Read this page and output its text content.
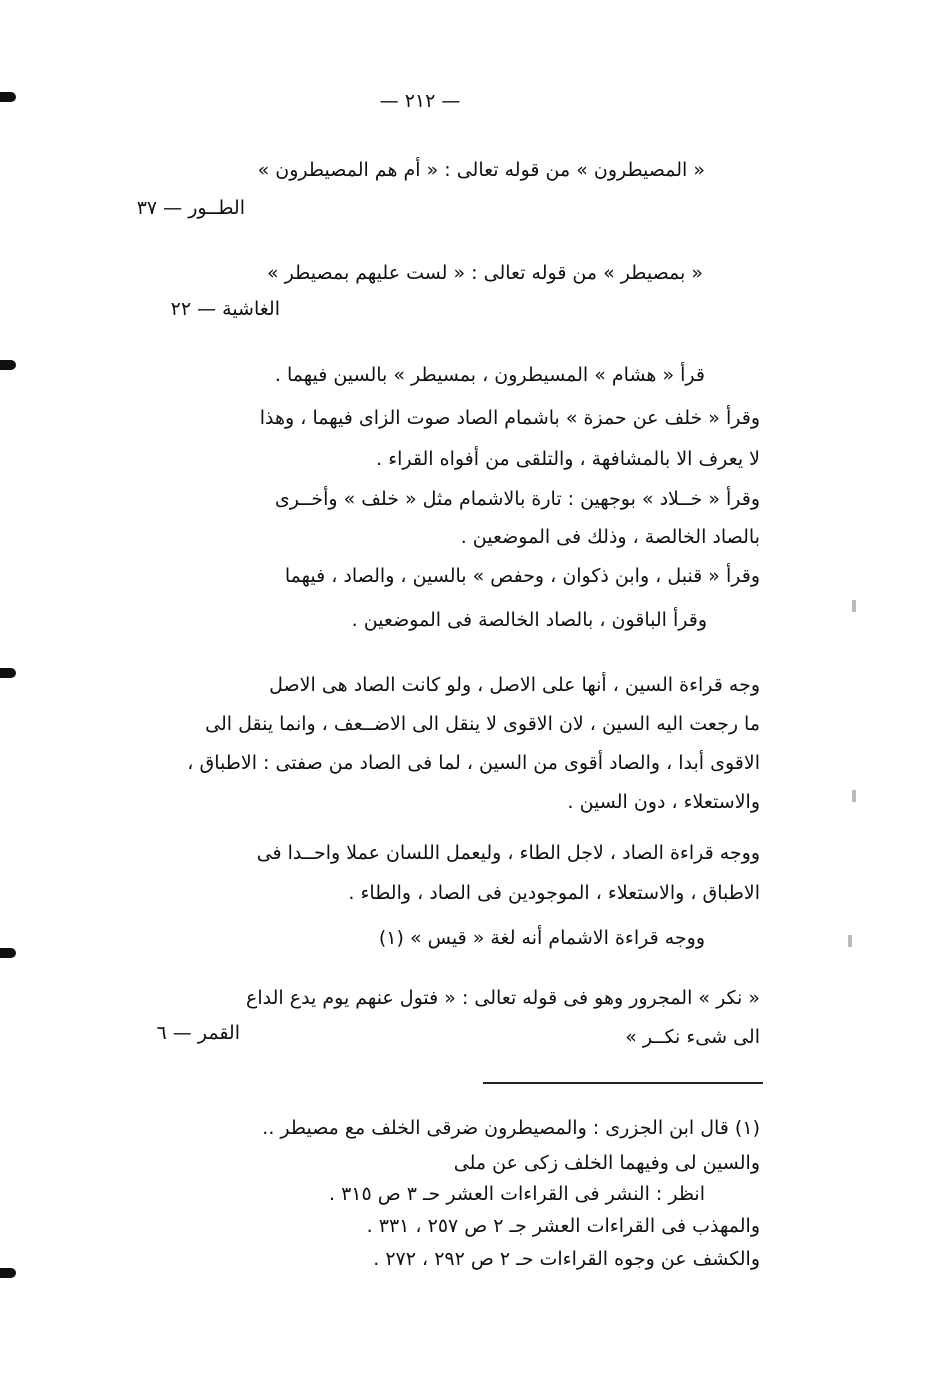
— ٢١٢ —
« المصيطرون » من قوله تعالى : « أم هم المصيطرون »
الطــور — ٣٧
« بمصيطر » من قوله تعالى : « لست عليهم بمصيطر »
الغاشية — ٢٢
قرأ « هشام » المسيطرون ، بمسيطر » بالسين فيهما .
وقرأ « خلف عن حمزة » باشمام الصاد صوت الزاى فيهما ، وهذا
لا يعرف الا بالمشافهة ، والتلقى من أفواه القراء .
وقرأ « خــلاد » بوجهين : تارة بالاشمام مثل « خلف » وأخــرى
بالصاد الخالصة ، وذلك فى الموضعين .
وقرأ « قنبل ، وابن ذكوان ، وحفص » بالسين ، والصاد ، فيهما
وقرأ الباقون ، بالصاد الخالصة فى الموضعين .
وجه قراءة السين ، أنها على الاصل ، ولو كانت الصاد هى الاصل
ما رجعت اليه السين ، لان الاقوى لا ينقل الى الاضــعف ، وانما ينقل الى
الاقوى أبدا ، والصاد أقوى من السين ، لما فى الصاد من صفتى : الاطباق ،
والاستعلاء ، دون السين .
ووجه قراءة الصاد ، لاجل الطاء ، وليعمل اللسان عملا واحــدا فى
الاطباق ، والاستعلاء ، الموجودين فى الصاد ، والطاء .
ووجه قراءة الاشمام أنه لغة « قيس » (١)
« نكر » المجرور وهو فى قوله تعالى : « فتول عنهم يوم يدع الداع
الى شىء نكــر »
القمر — ٦
(١) قال ابن الجزرى : والمصيطرون ضرقى الخلف مع مصيطر ..
والسين لى وفيهما الخلف زكى عن ملى
انظر : النشر فى القراءات العشر حـ ٣ ص ٣١٥ .
والمهذب فى القراءات العشر جـ ٢ ص ٢٥٧ ، ٣٣١ .
والكشف عن وجوه القراءات حـ ٢ ص ٢٩٢ ، ٢٧٢ .
